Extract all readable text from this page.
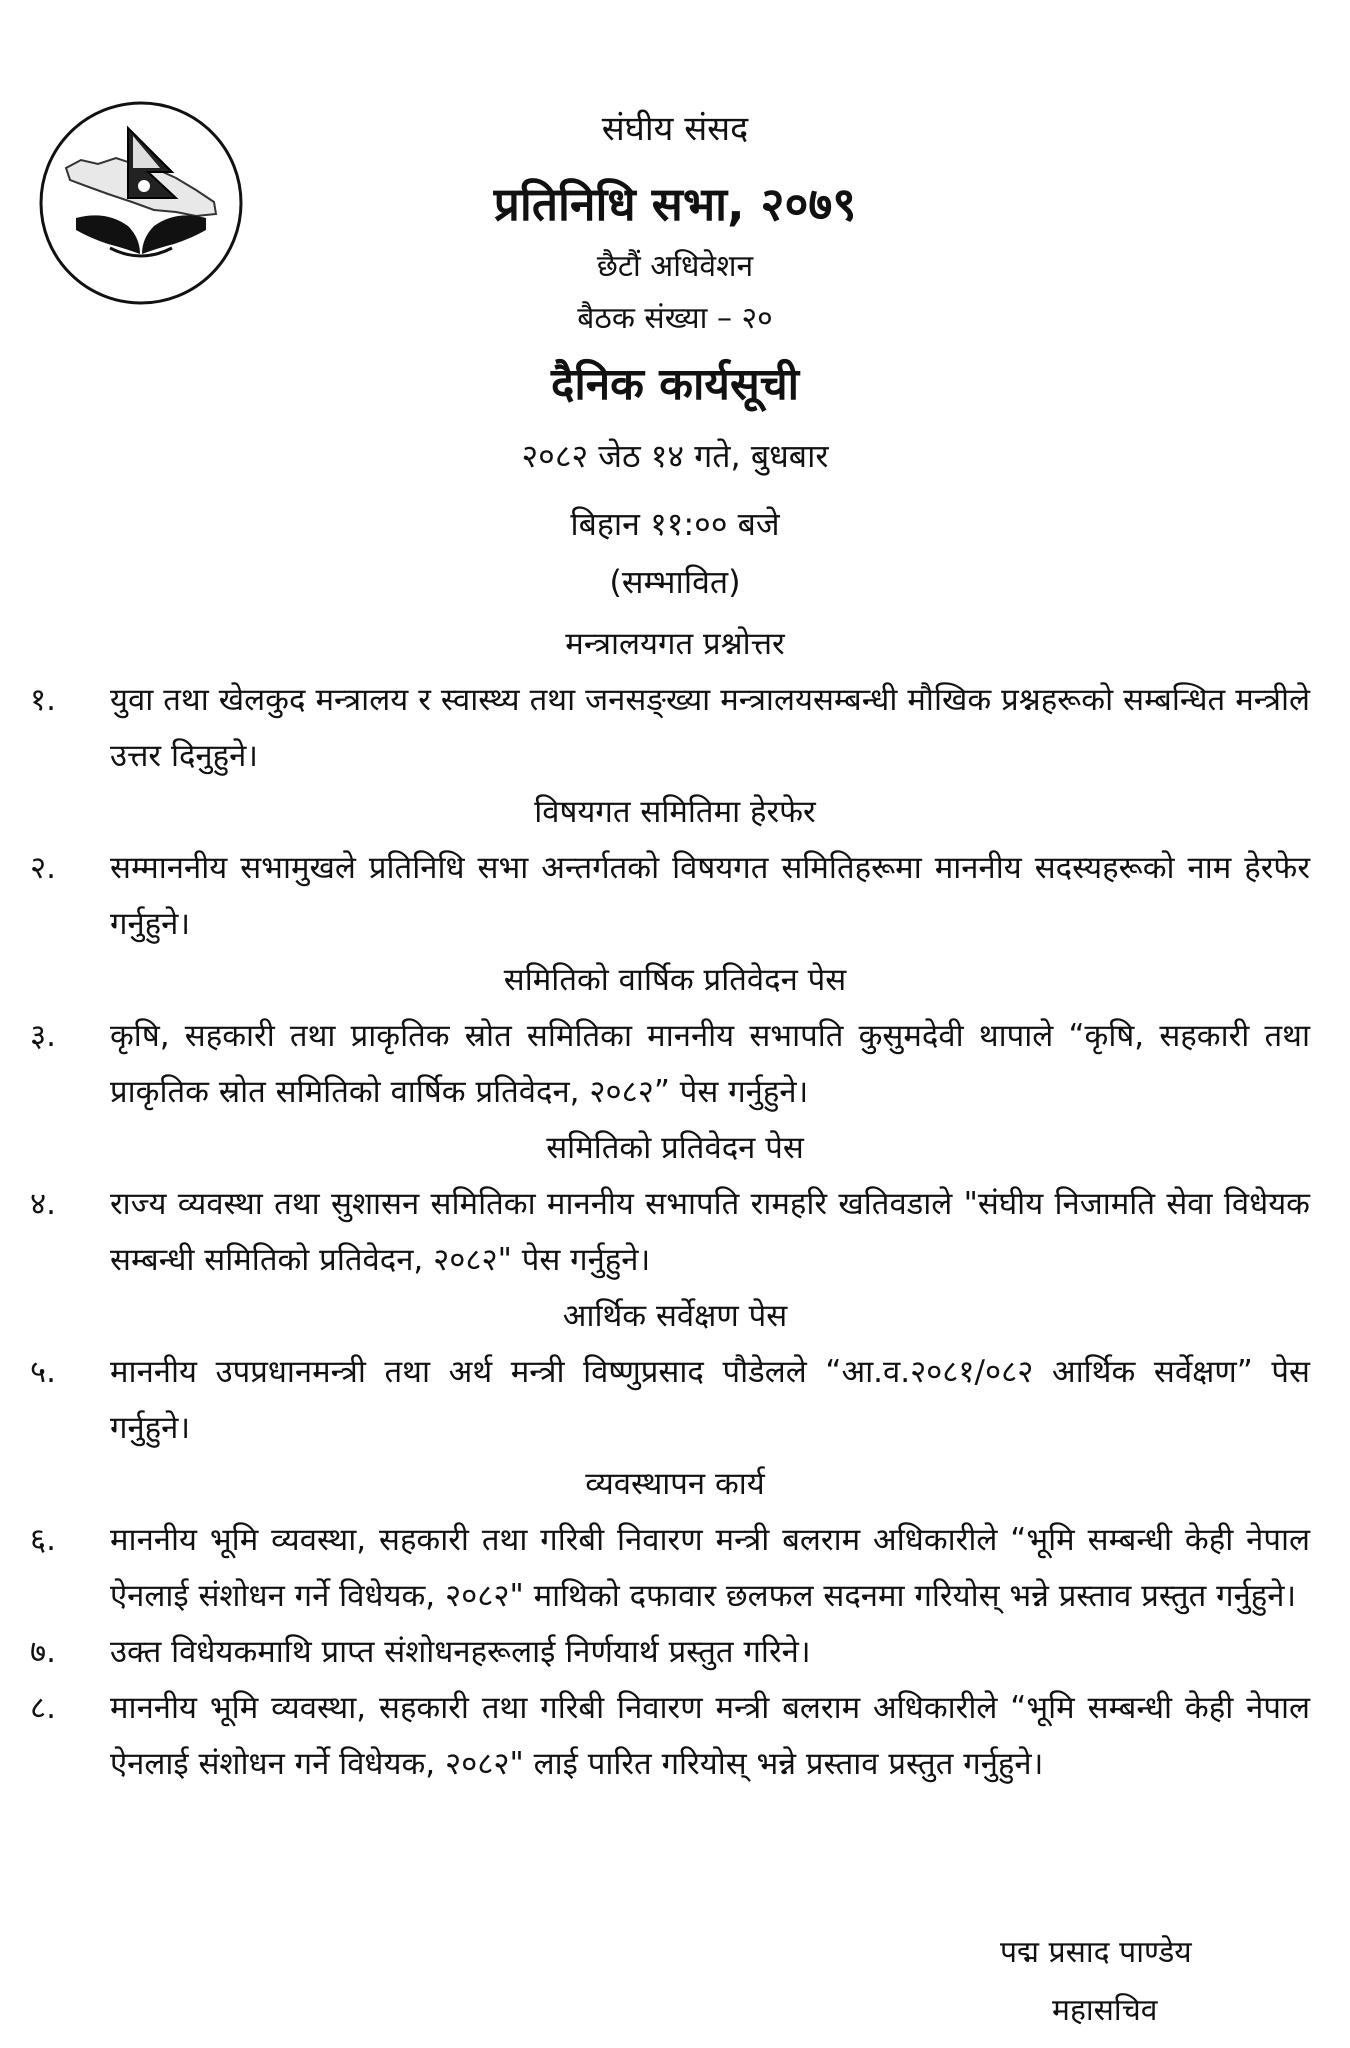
संघीय संसद
प्रतिनिधि सभा, २०७९
छैटौं अधिवेशन
बैठक संख्या – २०
दैनिक कार्यसूची
२०८२ जेठ १४ गते, बुधबार
बिहान ११:०० बजे
(सम्भावित)
मन्त्रालयगत प्रश्नोत्तर
१.	युवा तथा खेलकुद मन्त्रालय र स्वास्थ्य तथा जनसङ्ख्या मन्त्रालयसम्बन्धी मौखिक प्रश्नहरूको सम्बन्धित मन्त्रीले उत्तर दिनुहुने।
विषयगत समितिमा हेरफेर
२.	सम्माननीय सभामुखले प्रतिनिधि सभा अन्तर्गतको विषयगत समितिहरूमा माननीय सदस्यहरूको नाम हेरफेर गर्नुहुने।
समितिको वार्षिक प्रतिवेदन पेस
३.	कृषि, सहकारी तथा प्राकृतिक स्रोत समितिका माननीय सभापति कुसुमदेवी थापाले “कृषि, सहकारी तथा प्राकृतिक स्रोत समितिको वार्षिक प्रतिवेदन, २०८२” पेस गर्नुहुने।
समितिको प्रतिवेदन पेस
४.	राज्य व्यवस्था तथा सुशासन समितिका माननीय सभापति रामहरि खतिवडाले "संघीय निजामति सेवा विधेयक सम्बन्धी समितिको प्रतिवेदन, २०८२" पेस गर्नुहुने।
आर्थिक सर्वेक्षण पेस
५.	माननीय उपप्रधानमन्त्री तथा अर्थ मन्त्री विष्णुप्रसाद पौडेलले “आ.व.२०८१/०८२ आर्थिक सर्वेक्षण” पेस गर्नुहुने।
व्यवस्थापन कार्य
६.	माननीय भूमि व्यवस्था, सहकारी तथा गरिबी निवारण मन्त्री बलराम अधिकारीले “भूमि सम्बन्धी केही नेपाल ऐनलाई संशोधन गर्ने विधेयक, २०८२" माथिको दफावार छलफल सदनमा गरियोस् भन्ने प्रस्ताव प्रस्तुत गर्नुहुने।
७.	उक्त विधेयकमाथि प्राप्त संशोधनहरूलाई निर्णयार्थ प्रस्तुत गरिने।
८.	माननीय भूमि व्यवस्था, सहकारी तथा गरिबी निवारण मन्त्री बलराम अधिकारीले “भूमि सम्बन्धी केही नेपाल ऐनलाई संशोधन गर्ने विधेयक, २०८२" लाई पारित गरियोस् भन्ने प्रस्ताव प्रस्तुत गर्नुहुने।
पद्म प्रसाद पाण्डेय
महासचिव
